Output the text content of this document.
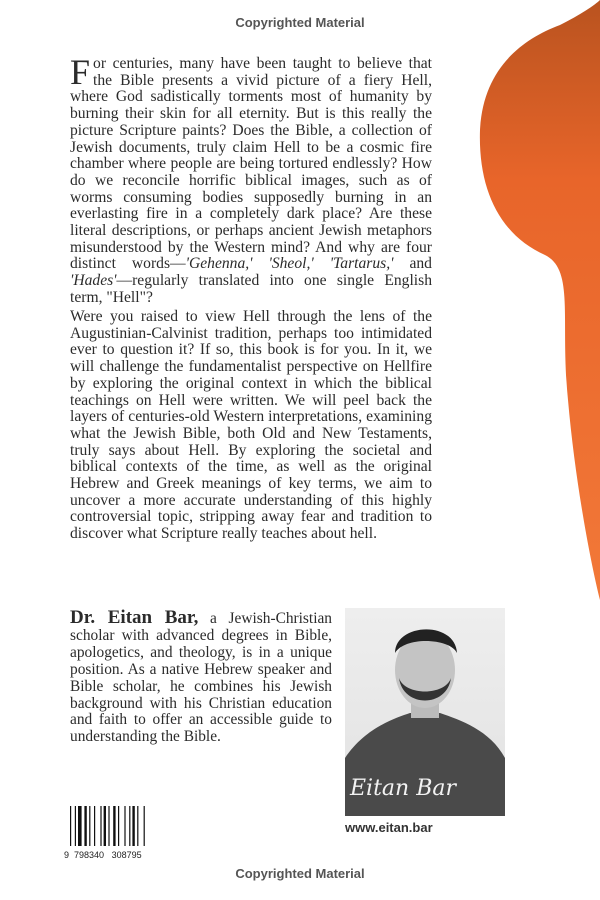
Copyrighted Material
For centuries, many have been taught to believe that the Bible presents a vivid picture of a fiery Hell, where God sadistically torments most of humanity by burning their skin for all eternity. But is this really the picture Scripture paints? Does the Bible, a collection of Jewish documents, truly claim Hell to be a cosmic fire chamber where people are being tortured endlessly? How do we reconcile horrific biblical images, such as of worms consuming bodies supposedly burning in an everlasting fire in a completely dark place? Are these literal descriptions, or perhaps ancient Jewish metaphors misunderstood by the Western mind? And why are four distinct words—'Gehenna,' 'Sheol,' 'Tartarus,' and 'Hades'—regularly translated into one single English term, "Hell"?
Were you raised to view Hell through the lens of the Augustinian-Calvinist tradition, perhaps too intimidated ever to question it? If so, this book is for you. In it, we will challenge the fundamentalist perspective on Hellfire by exploring the original context in which the biblical teachings on Hell were written. We will peel back the layers of centuries-old Western interpretations, examining what the Jewish Bible, both Old and New Testaments, truly says about Hell. By exploring the societal and biblical contexts of the time, as well as the original Hebrew and Greek meanings of key terms, we aim to uncover a more accurate understanding of this highly controversial topic, stripping away fear and tradition to discover what Scripture really teaches about hell.
Dr. Eitan Bar, a Jewish-Christian scholar with advanced degrees in Bible, apologetics, and theology, is in a unique position. As a native Hebrew speaker and Bible scholar, he combines his Jewish background with his Christian education and faith to offer an accessible guide to understanding the Bible.
Eitan Bar
www.eitan.bar
9 798340 308795
Copyrighted Material
